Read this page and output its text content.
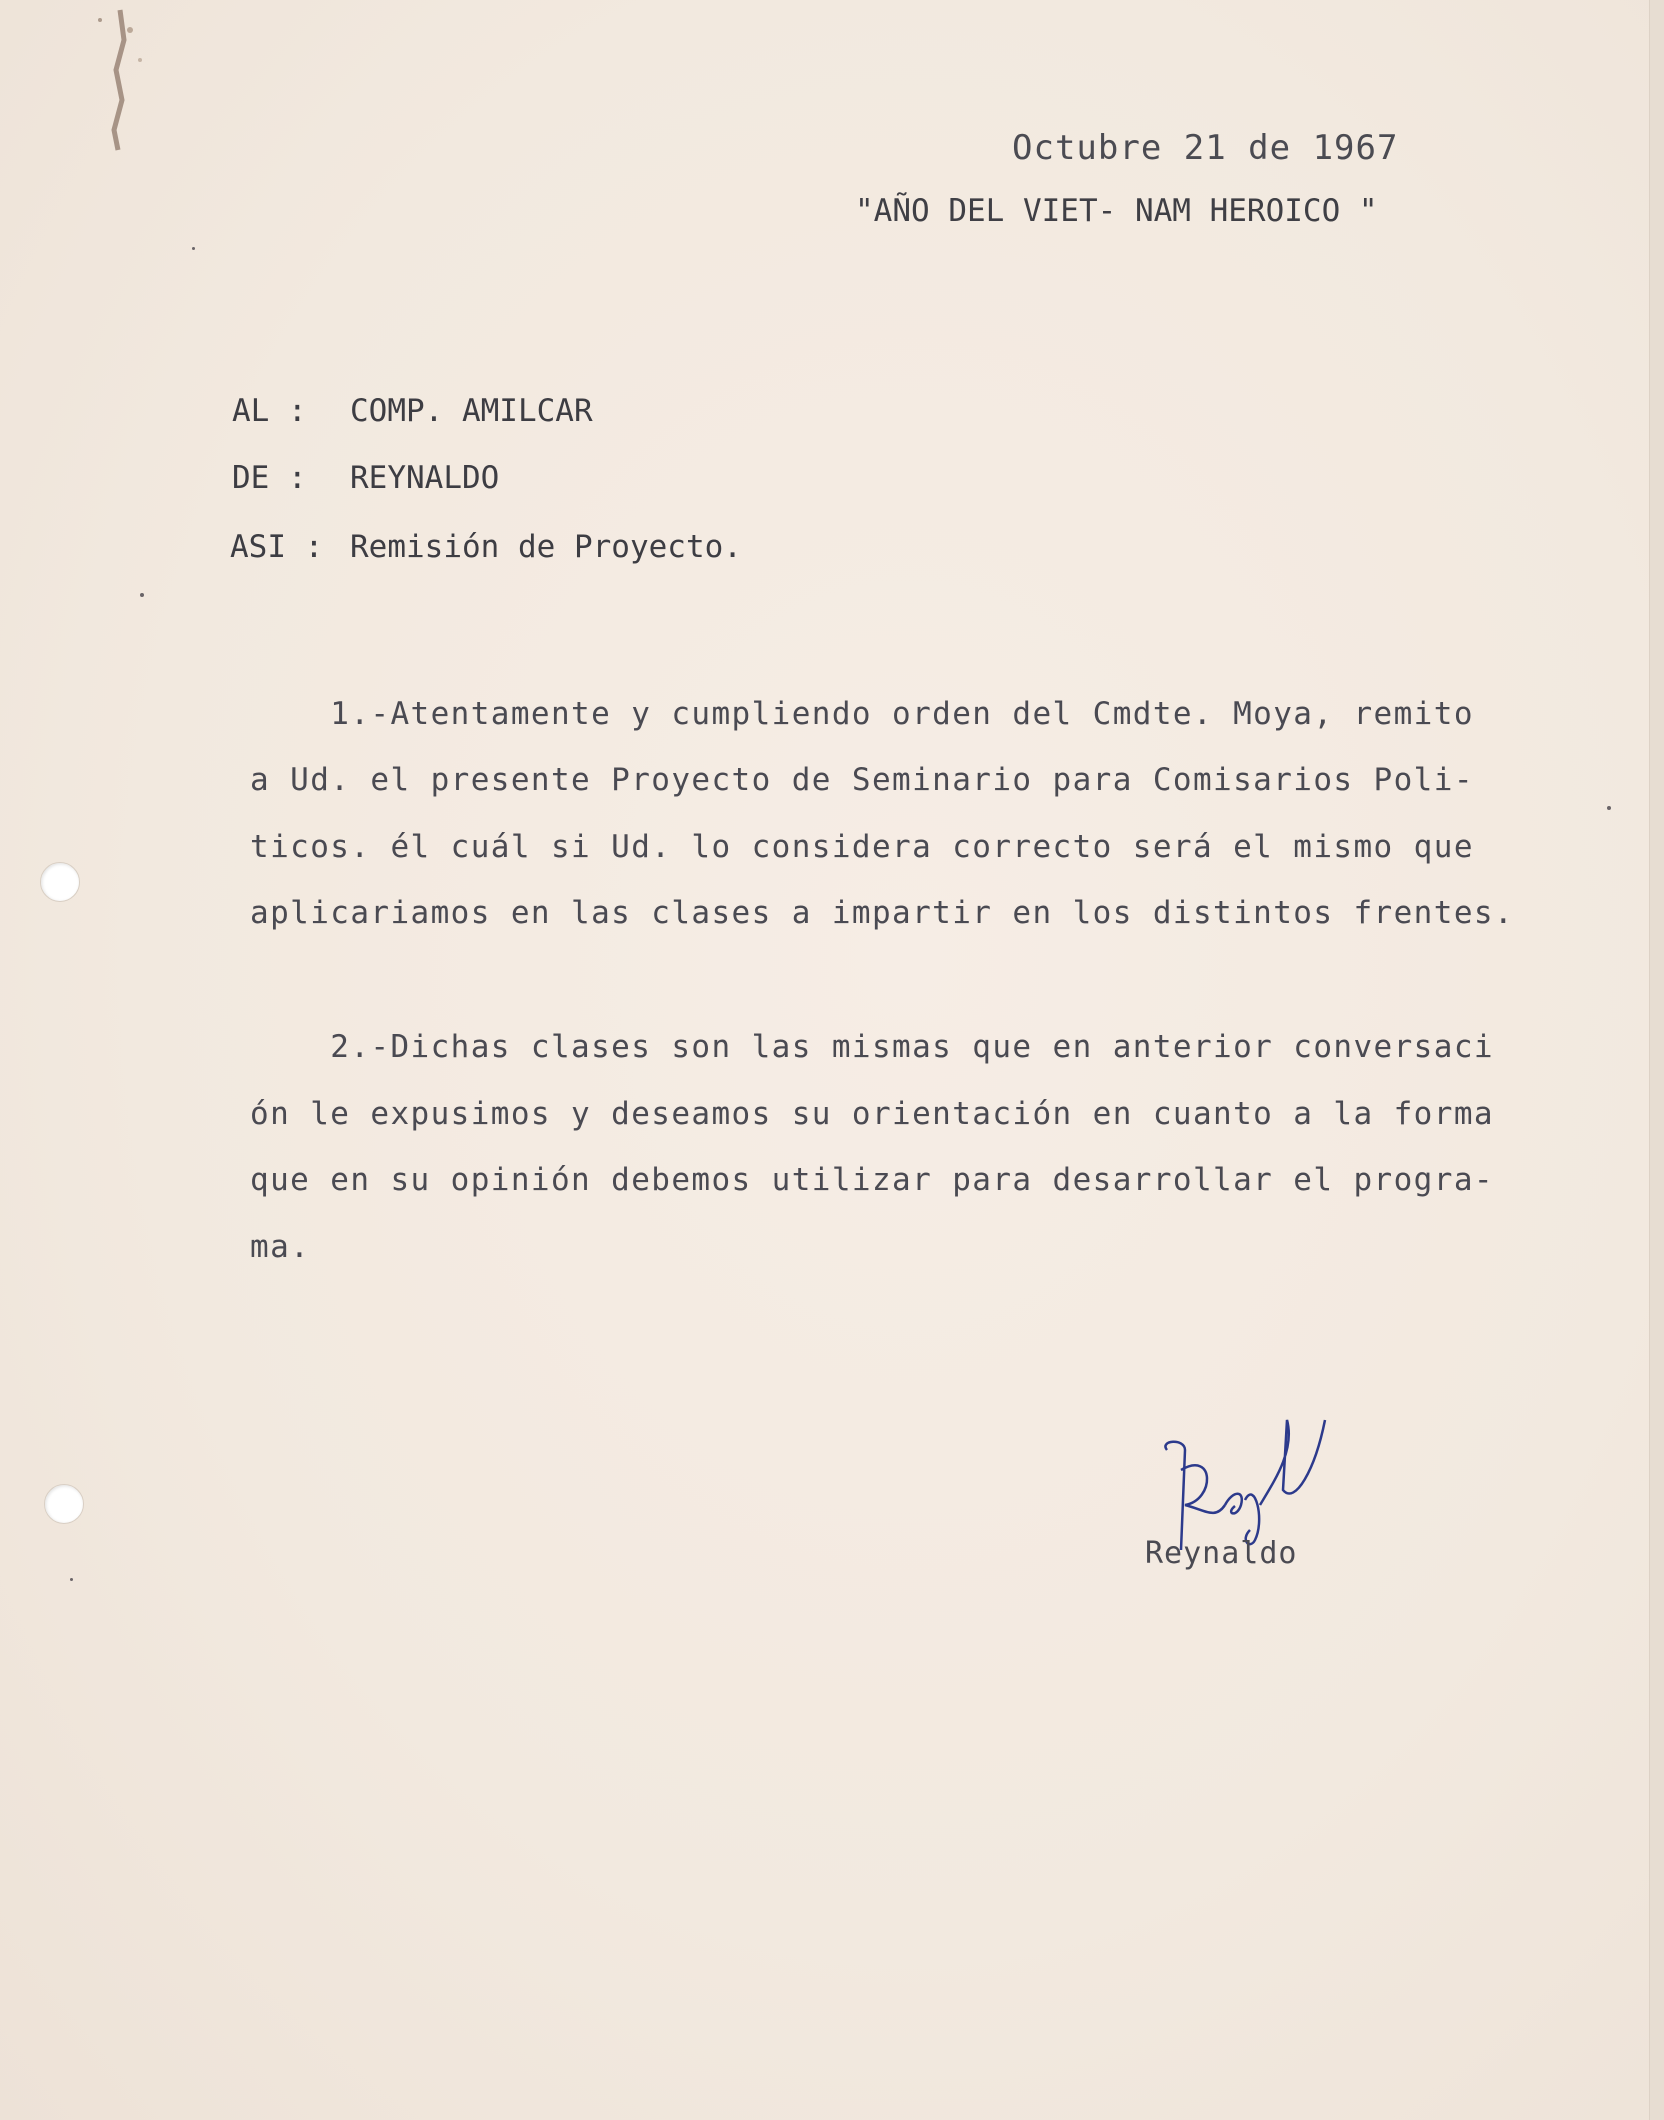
Octubre 21 de 1967
"AÑO DEL VIET- NAM HEROICO "
AL : COMP. AMILCAR
DE : REYNALDO
ASI : Remisión de Proyecto.
1.-Atentamente y cumpliendo orden del Cmdte. Moya, remito
a Ud. el presente Proyecto de Seminario para Comisarios Poli-
ticos. él cuál si Ud. lo considera correcto será el mismo que
aplicariamos en las clases a impartir en los distintos frentes.
2.-Dichas clases son las mismas que en anterior conversaci
ón le expusimos y deseamos su orientación en cuanto a la forma
que en su opinión debemos utilizar para desarrollar el progra-
ma.
Reynaldo
